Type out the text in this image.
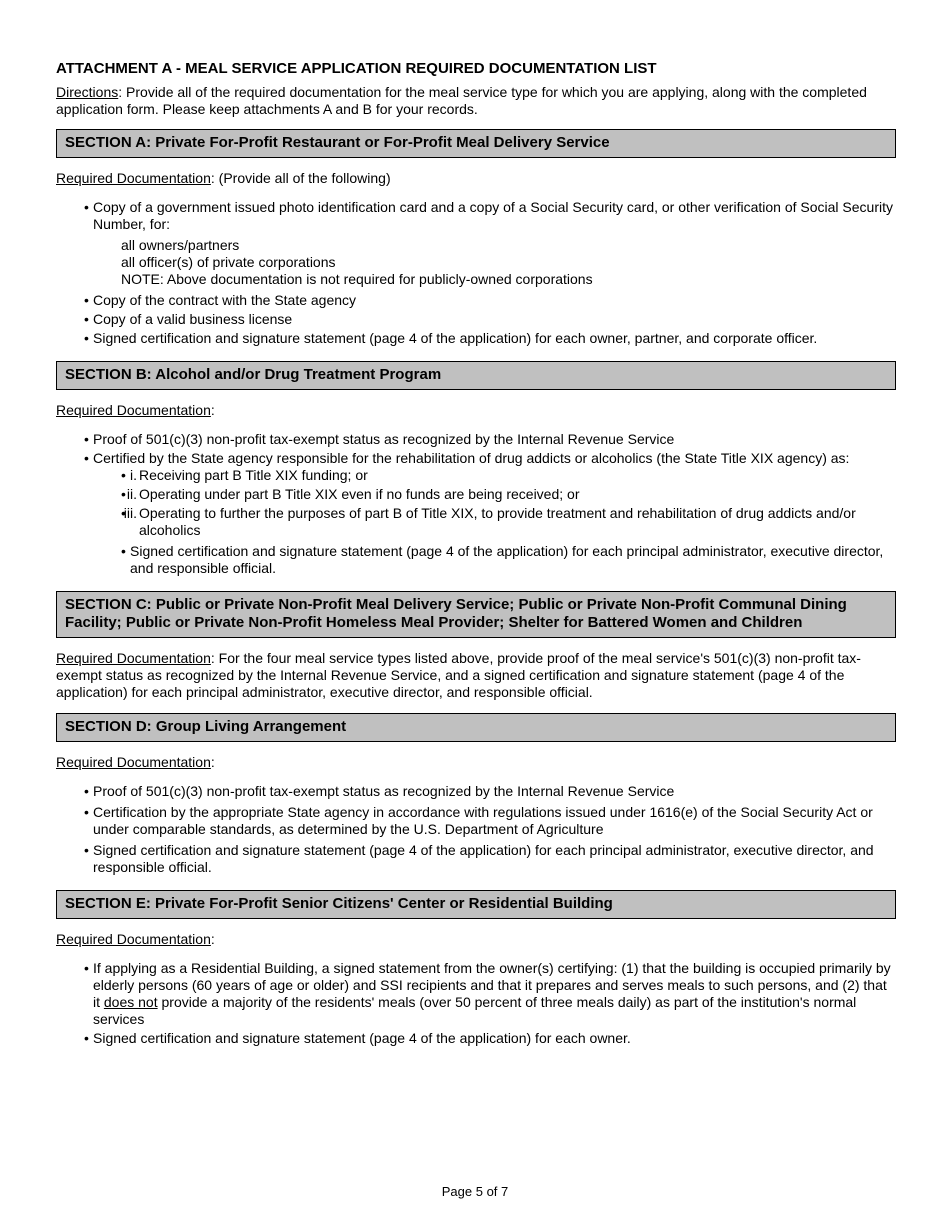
ATTACHMENT A - MEAL SERVICE APPLICATION REQUIRED DOCUMENTATION LIST
Directions: Provide all of the required documentation for the meal service type for which you are applying, along with the completed application form. Please keep attachments A and B for your records.
SECTION A: Private For-Profit Restaurant or For-Profit Meal Delivery Service
Required Documentation: (Provide all of the following)
• Copy of a government issued photo identification card and a copy of a Social Security card, or other verification of Social Security Number, for:
all owners/partners
all officer(s) of private corporations
NOTE: Above documentation is not required for publicly-owned corporations
• Copy of the contract with the State agency
• Copy of a valid business license
• Signed certification and signature statement (page 4 of the application) for each owner, partner, and corporate officer.
SECTION B: Alcohol and/or Drug Treatment Program
Required Documentation:
• Proof of 501(c)(3) non-profit tax-exempt status as recognized by the Internal Revenue Service
• Certified by the State agency responsible for the rehabilitation of drug addicts or alcoholics (the State Title XIX agency) as:
• i. Receiving part B Title XIX funding; or
• ii. Operating under part B Title XIX even if no funds are being received; or
• iii. Operating to further the purposes of part B of Title XIX, to provide treatment and rehabilitation of drug addicts and/or alcoholics
• Signed certification and signature statement (page 4 of the application) for each principal administrator, executive director, and responsible official.
SECTION C: Public or Private Non-Profit Meal Delivery Service; Public or Private Non-Profit Communal Dining Facility; Public or Private Non-Profit Homeless Meal Provider; Shelter for Battered Women and Children
Required Documentation: For the four meal service types listed above, provide proof of the meal service's 501(c)(3) non-profit tax-exempt status as recognized by the Internal Revenue Service, and a signed certification and signature statement (page 4 of the application) for each principal administrator, executive director, and responsible official.
SECTION D: Group Living Arrangement
Required Documentation:
• Proof of 501(c)(3) non-profit tax-exempt status as recognized by the Internal Revenue Service
• Certification by the appropriate State agency in accordance with regulations issued under 1616(e) of the Social Security Act or under comparable standards, as determined by the U.S. Department of Agriculture
• Signed certification and signature statement (page 4 of the application) for each principal administrator, executive director, and responsible official.
SECTION E: Private For-Profit Senior Citizens' Center or Residential Building
Required Documentation:
• If applying as a Residential Building, a signed statement from the owner(s) certifying: (1) that the building is occupied primarily by elderly persons (60 years of age or older) and SSI recipients and that it prepares and serves meals to such persons, and (2) that it does not provide a majority of the residents' meals (over 50 percent of three meals daily) as part of the institution's normal services
• Signed certification and signature statement (page 4 of the application) for each owner.
Page 5 of 7
